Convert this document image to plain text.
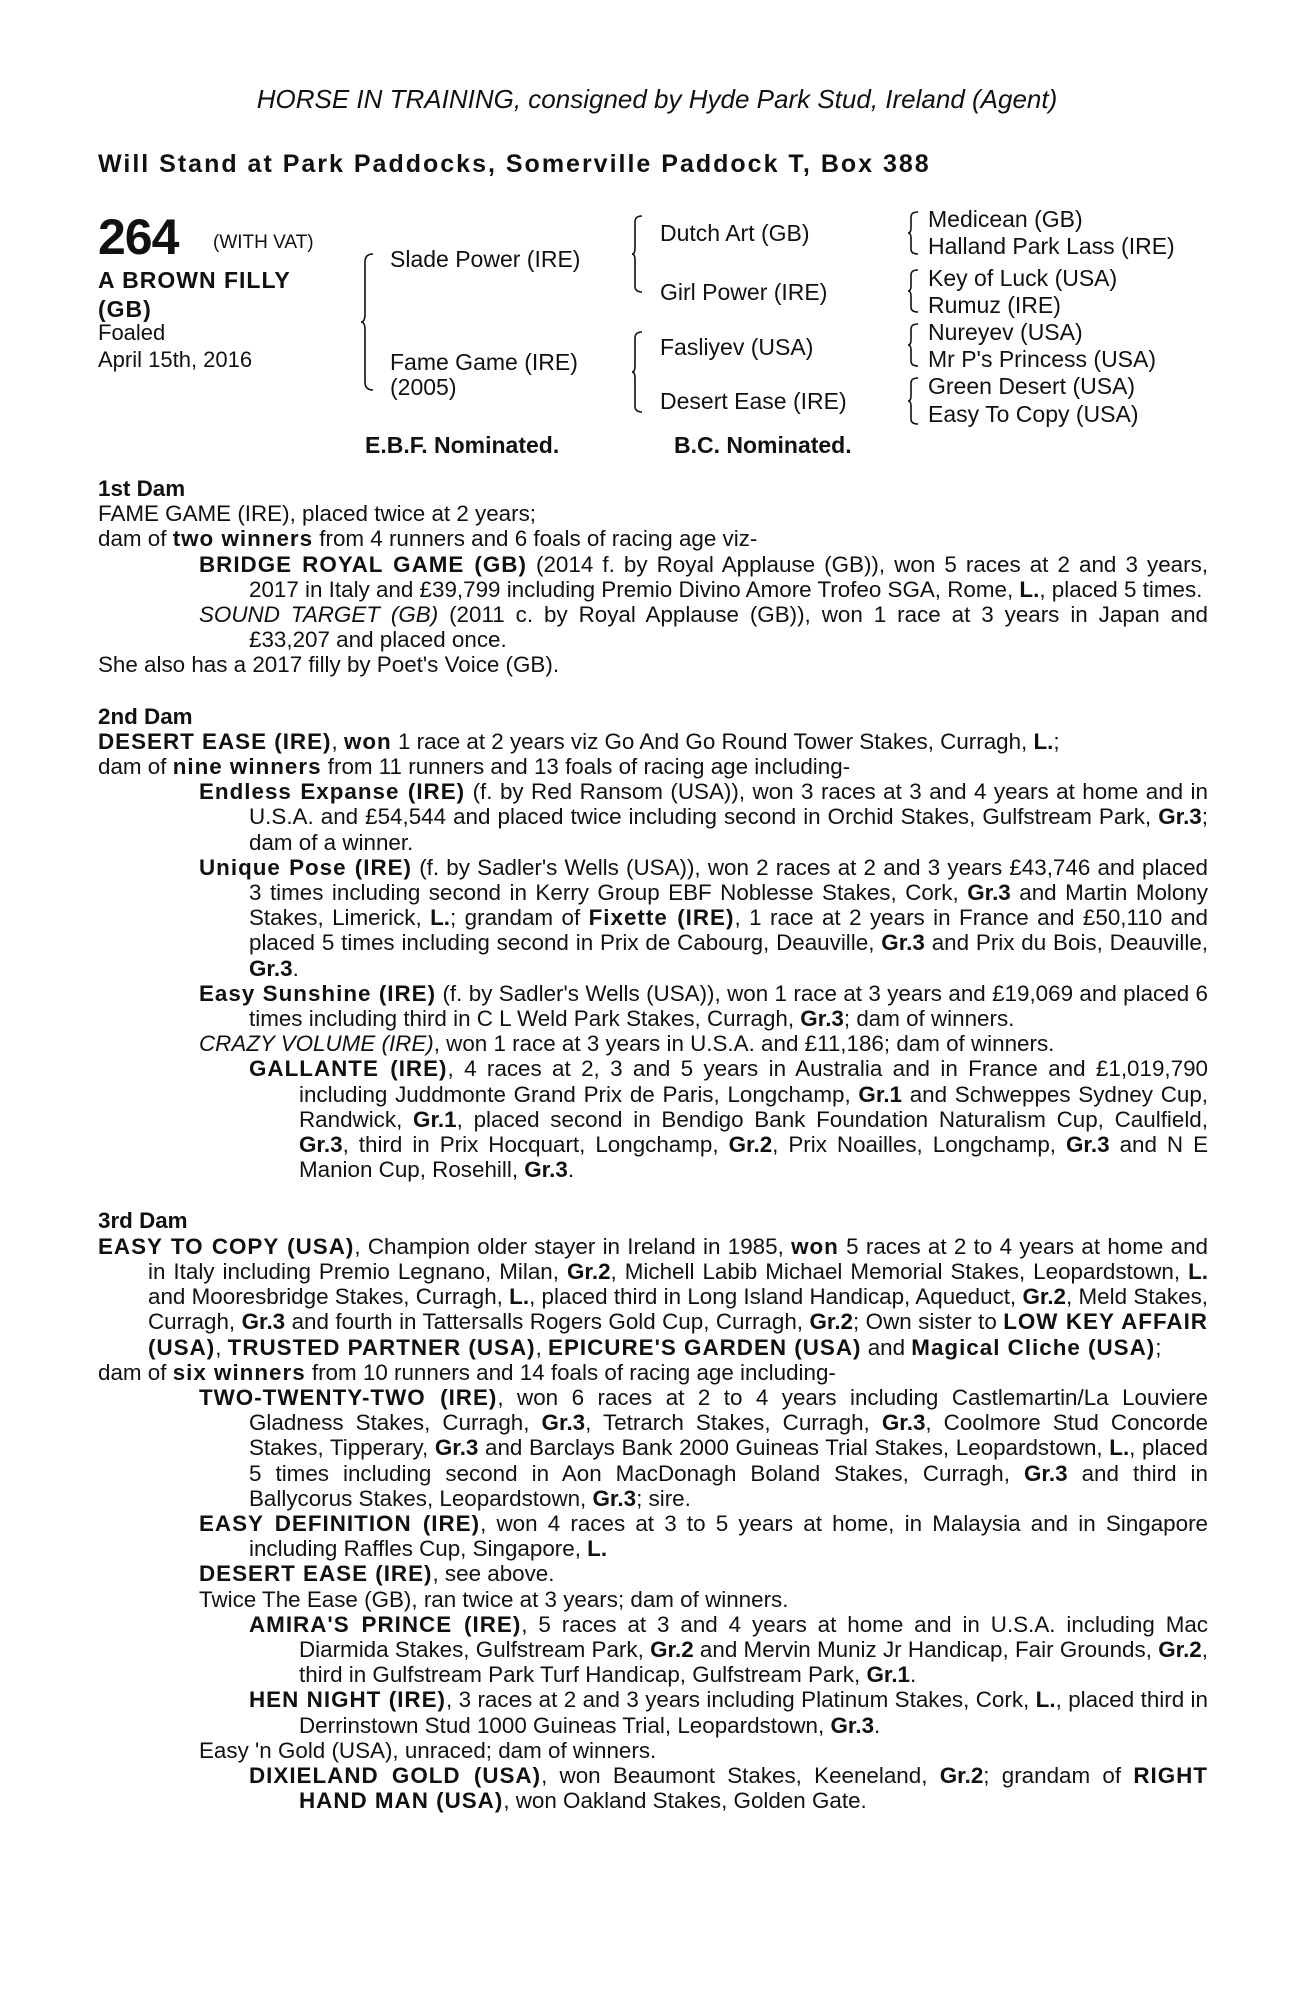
HORSE IN TRAINING, consigned by Hyde Park Stud, Ireland (Agent)
Will Stand at Park Paddocks, Somerville Paddock T, Box 388
264 (WITH VAT)
A BROWN FILLY
(GB)
Foaled
April 15th, 2016
Slade Power (IRE)
Fame Game (IRE)
(2005)
Dutch Art (GB)
Girl Power (IRE)
Fasliyev (USA)
Desert Ease (IRE)
Medicean (GB)
Halland Park Lass (IRE)
Key of Luck (USA)
Rumuz (IRE)
Nureyev (USA)
Mr P's Princess (USA)
Green Desert (USA)
Easy To Copy (USA)
E.B.F. Nominated.	B.C. Nominated.

1st Dam

FAME GAME (IRE), placed twice at 2 years;

dam of two winners from 4 runners and 6 foals of racing age viz-

BRIDGE ROYAL GAME (GB) (2014 f. by Royal Applause (GB)), won 5 races at 2 and 3 years, 2017 in Italy and £39,799 including Premio Divino Amore Trofeo SGA, Rome, L., placed 5 times.

SOUND TARGET (GB) (2011 c. by Royal Applause (GB)), won 1 race at 3 years in Japan and £33,207 and placed once.

She also has a 2017 filly by Poet's Voice (GB).

2nd Dam

DESERT EASE (IRE), won 1 race at 2 years viz Go And Go Round Tower Stakes, Curragh, L.;

dam of nine winners from 11 runners and 13 foals of racing age including-

Endless Expanse (IRE) (f. by Red Ransom (USA)), won 3 races at 3 and 4 years at home and in U.S.A. and £54,544 and placed twice including second in Orchid Stakes, Gulfstream Park, Gr.3; dam of a winner.

Unique Pose (IRE) (f. by Sadler's Wells (USA)), won 2 races at 2 and 3 years £43,746 and placed 3 times including second in Kerry Group EBF Noblesse Stakes, Cork, Gr.3 and Martin Molony Stakes, Limerick, L.; grandam of Fixette (IRE), 1 race at 2 years in France and £50,110 and placed 5 times including second in Prix de Cabourg, Deauville, Gr.3 and Prix du Bois, Deauville, Gr.3.

Easy Sunshine (IRE) (f. by Sadler's Wells (USA)), won 1 race at 3 years and £19,069 and placed 6 times including third in C L Weld Park Stakes, Curragh, Gr.3; dam of winners.

CRAZY VOLUME (IRE), won 1 race at 3 years in U.S.A. and £11,186; dam of winners.

GALLANTE (IRE), 4 races at 2, 3 and 5 years in Australia and in France and £1,019,790 including Juddmonte Grand Prix de Paris, Longchamp, Gr.1 and Schweppes Sydney Cup, Randwick, Gr.1, placed second in Bendigo Bank Foundation Naturalism Cup, Caulfield, Gr.3, third in Prix Hocquart, Longchamp, Gr.2, Prix Noailles, Longchamp, Gr.3 and N E Manion Cup, Rosehill, Gr.3.

3rd Dam

EASY TO COPY (USA), Champion older stayer in Ireland in 1985, won 5 races at 2 to 4 years at home and in Italy including Premio Legnano, Milan, Gr.2, Michell Labib Michael Memorial Stakes, Leopardstown, L. and Mooresbridge Stakes, Curragh, L., placed third in Long Island Handicap, Aqueduct, Gr.2, Meld Stakes, Curragh, Gr.3 and fourth in Tattersalls Rogers Gold Cup, Curragh, Gr.2; Own sister to LOW KEY AFFAIR (USA), TRUSTED PARTNER (USA), EPICURE'S GARDEN (USA) and Magical Cliche (USA);

dam of six winners from 10 runners and 14 foals of racing age including-

TWO-TWENTY-TWO (IRE), won 6 races at 2 to 4 years including Castlemartin/La Louviere Gladness Stakes, Curragh, Gr.3, Tetrarch Stakes, Curragh, Gr.3, Coolmore Stud Concorde Stakes, Tipperary, Gr.3 and Barclays Bank 2000 Guineas Trial Stakes, Leopardstown, L., placed 5 times including second in Aon MacDonagh Boland Stakes, Curragh, Gr.3 and third in Ballycorus Stakes, Leopardstown, Gr.3; sire.

EASY DEFINITION (IRE), won 4 races at 3 to 5 years at home, in Malaysia and in Singapore including Raffles Cup, Singapore, L.

DESERT EASE (IRE), see above.

Twice The Ease (GB), ran twice at 3 years; dam of winners.

AMIRA'S PRINCE (IRE), 5 races at 3 and 4 years at home and in U.S.A. including Mac Diarmida Stakes, Gulfstream Park, Gr.2 and Mervin Muniz Jr Handicap, Fair Grounds, Gr.2, third in Gulfstream Park Turf Handicap, Gulfstream Park, Gr.1.

HEN NIGHT (IRE), 3 races at 2 and 3 years including Platinum Stakes, Cork, L., placed third in Derrinstown Stud 1000 Guineas Trial, Leopardstown, Gr.3.

Easy 'n Gold (USA), unraced; dam of winners.

DIXIELAND GOLD (USA), won Beaumont Stakes, Keeneland, Gr.2; grandam of RIGHT HAND MAN (USA), won Oakland Stakes, Golden Gate.
